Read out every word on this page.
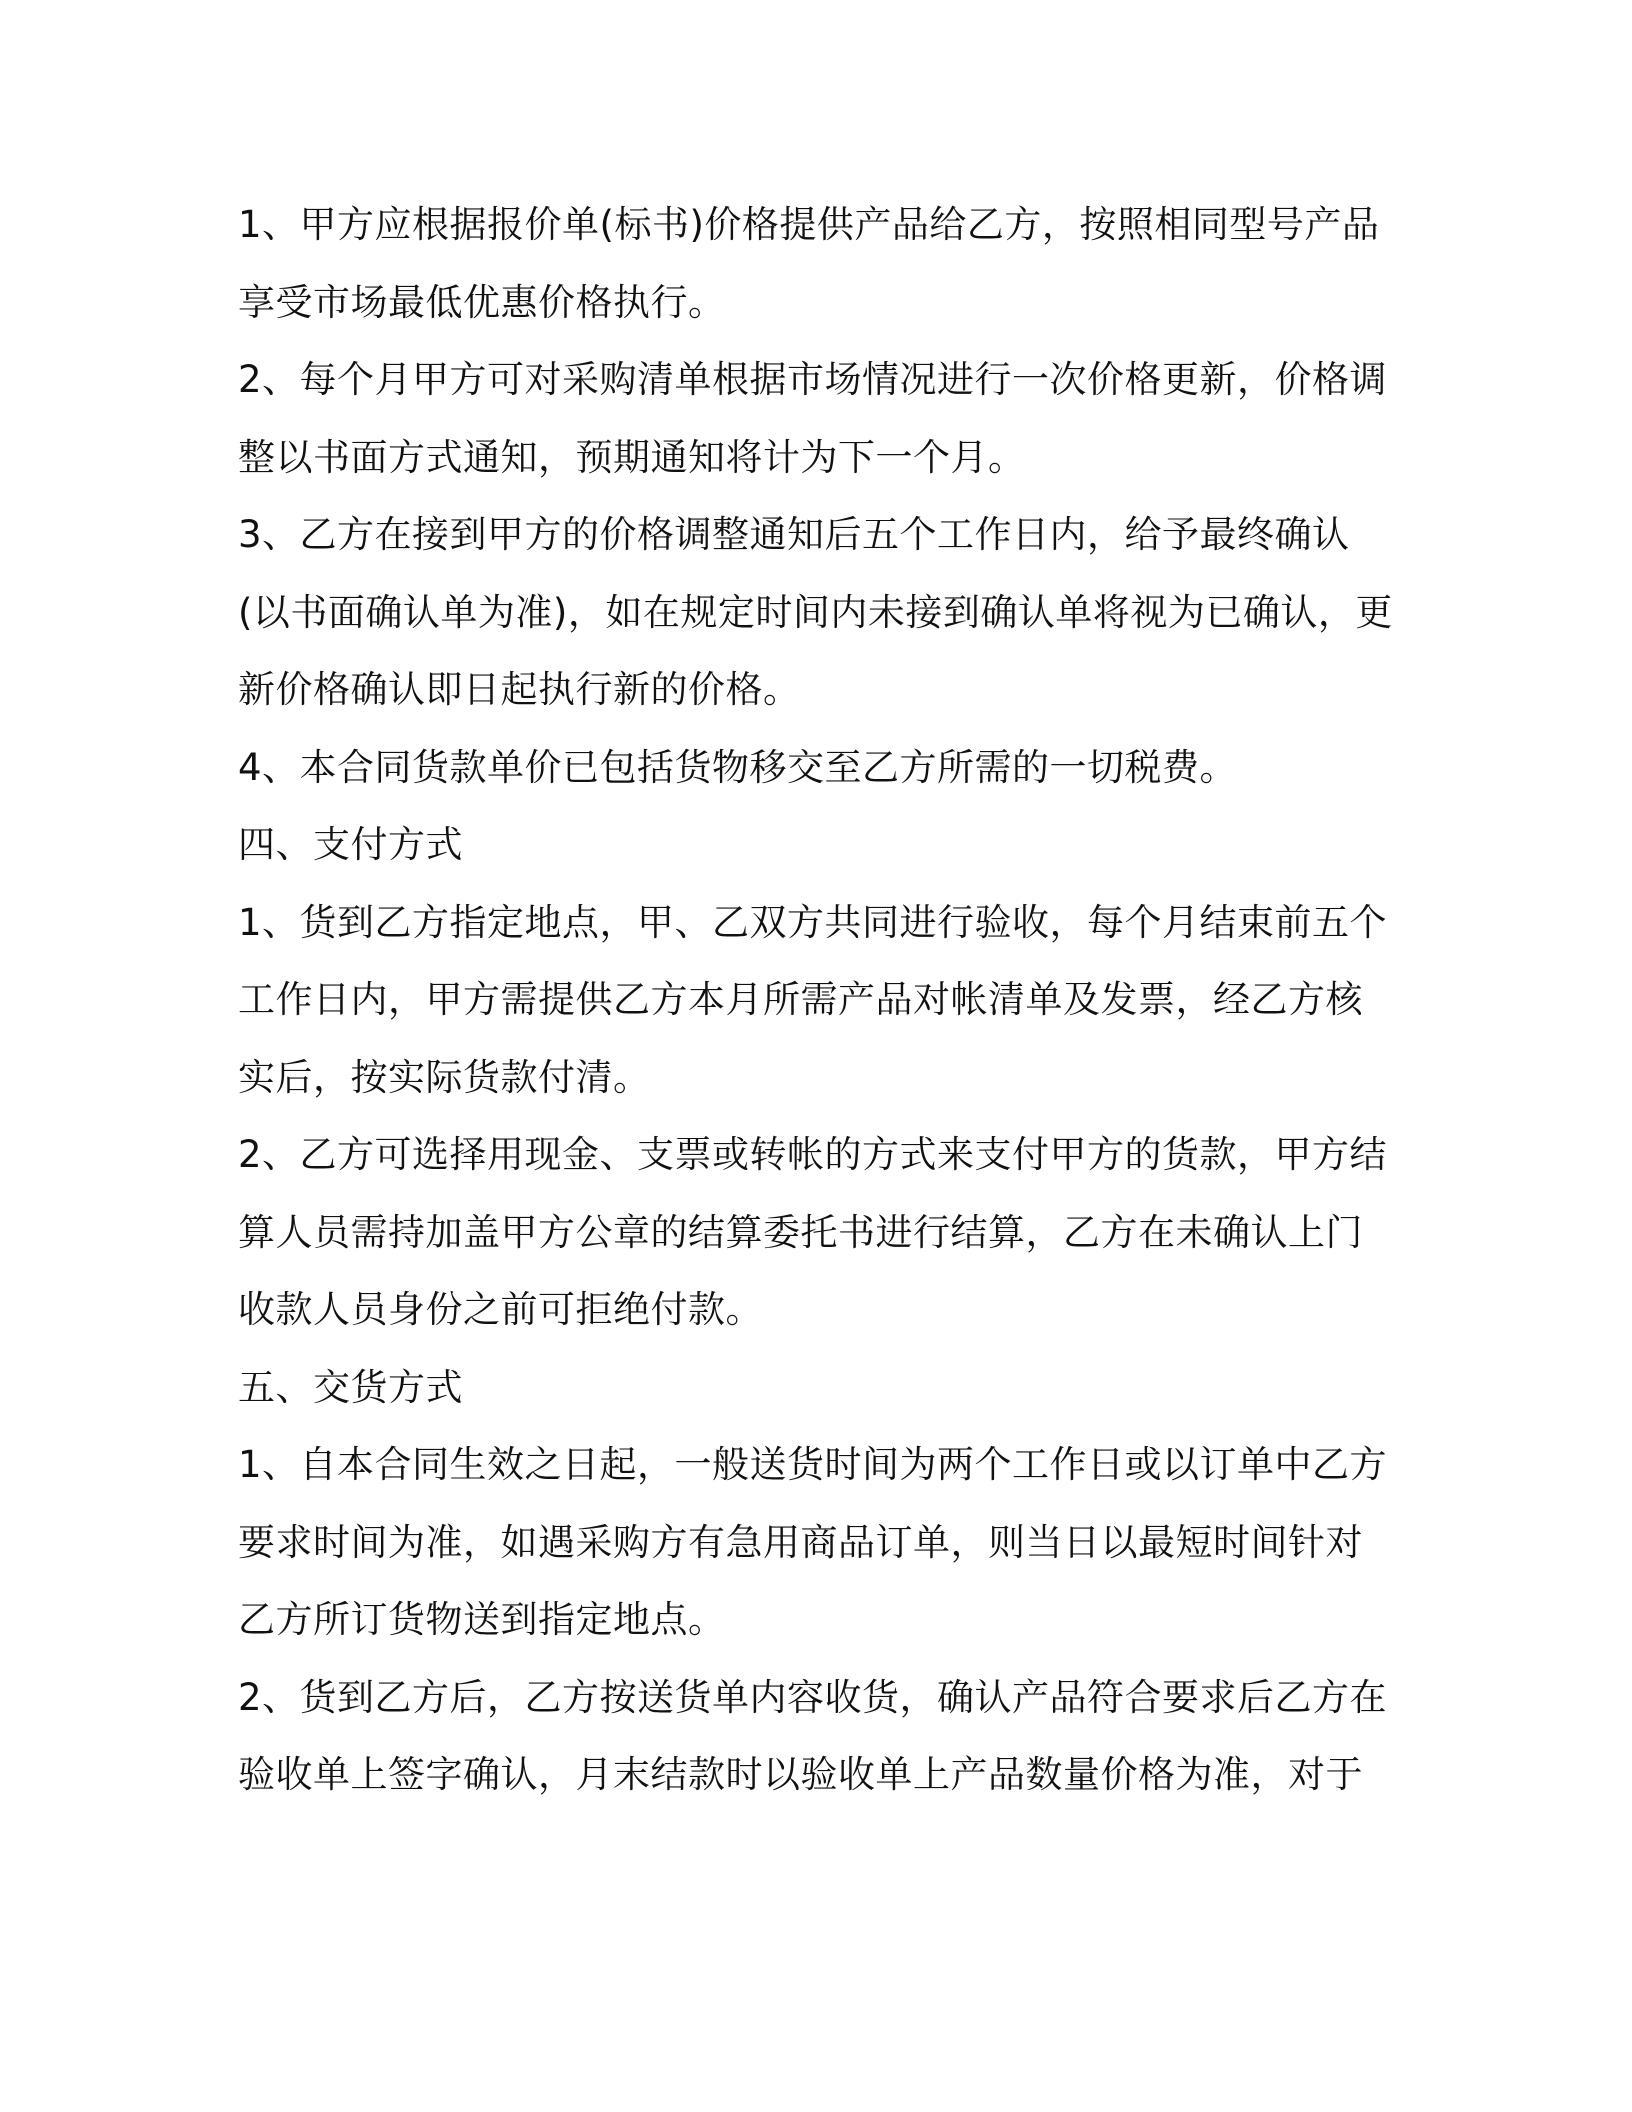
1、甲方应根据报价单(标书)价格提供产品给乙方，按照相同型号产品
享受市场最低优惠价格执行。
2、每个月甲方可对采购清单根据市场情况进行一次价格更新，价格调
整以书面方式通知，预期通知将计为下一个月。
3、乙方在接到甲方的价格调整通知后五个工作日内，给予最终确认
(以书面确认单为准)，如在规定时间内未接到确认单将视为已确认，更
新价格确认即日起执行新的价格。
4、本合同货款单价已包括货物移交至乙方所需的一切税费。
四、支付方式
1、货到乙方指定地点，甲、乙双方共同进行验收，每个月结束前五个
工作日内，甲方需提供乙方本月所需产品对帐清单及发票，经乙方核
实后，按实际货款付清。
2、乙方可选择用现金、支票或转帐的方式来支付甲方的货款，甲方结
算人员需持加盖甲方公章的结算委托书进行结算，乙方在未确认上门
收款人员身份之前可拒绝付款。
五、交货方式
1、自本合同生效之日起，一般送货时间为两个工作日或以订单中乙方
要求时间为准，如遇采购方有急用商品订单，则当日以最短时间针对
乙方所订货物送到指定地点。
2、货到乙方后，乙方按送货单内容收货，确认产品符合要求后乙方在
验收单上签字确认，月末结款时以验收单上产品数量价格为准，对于
